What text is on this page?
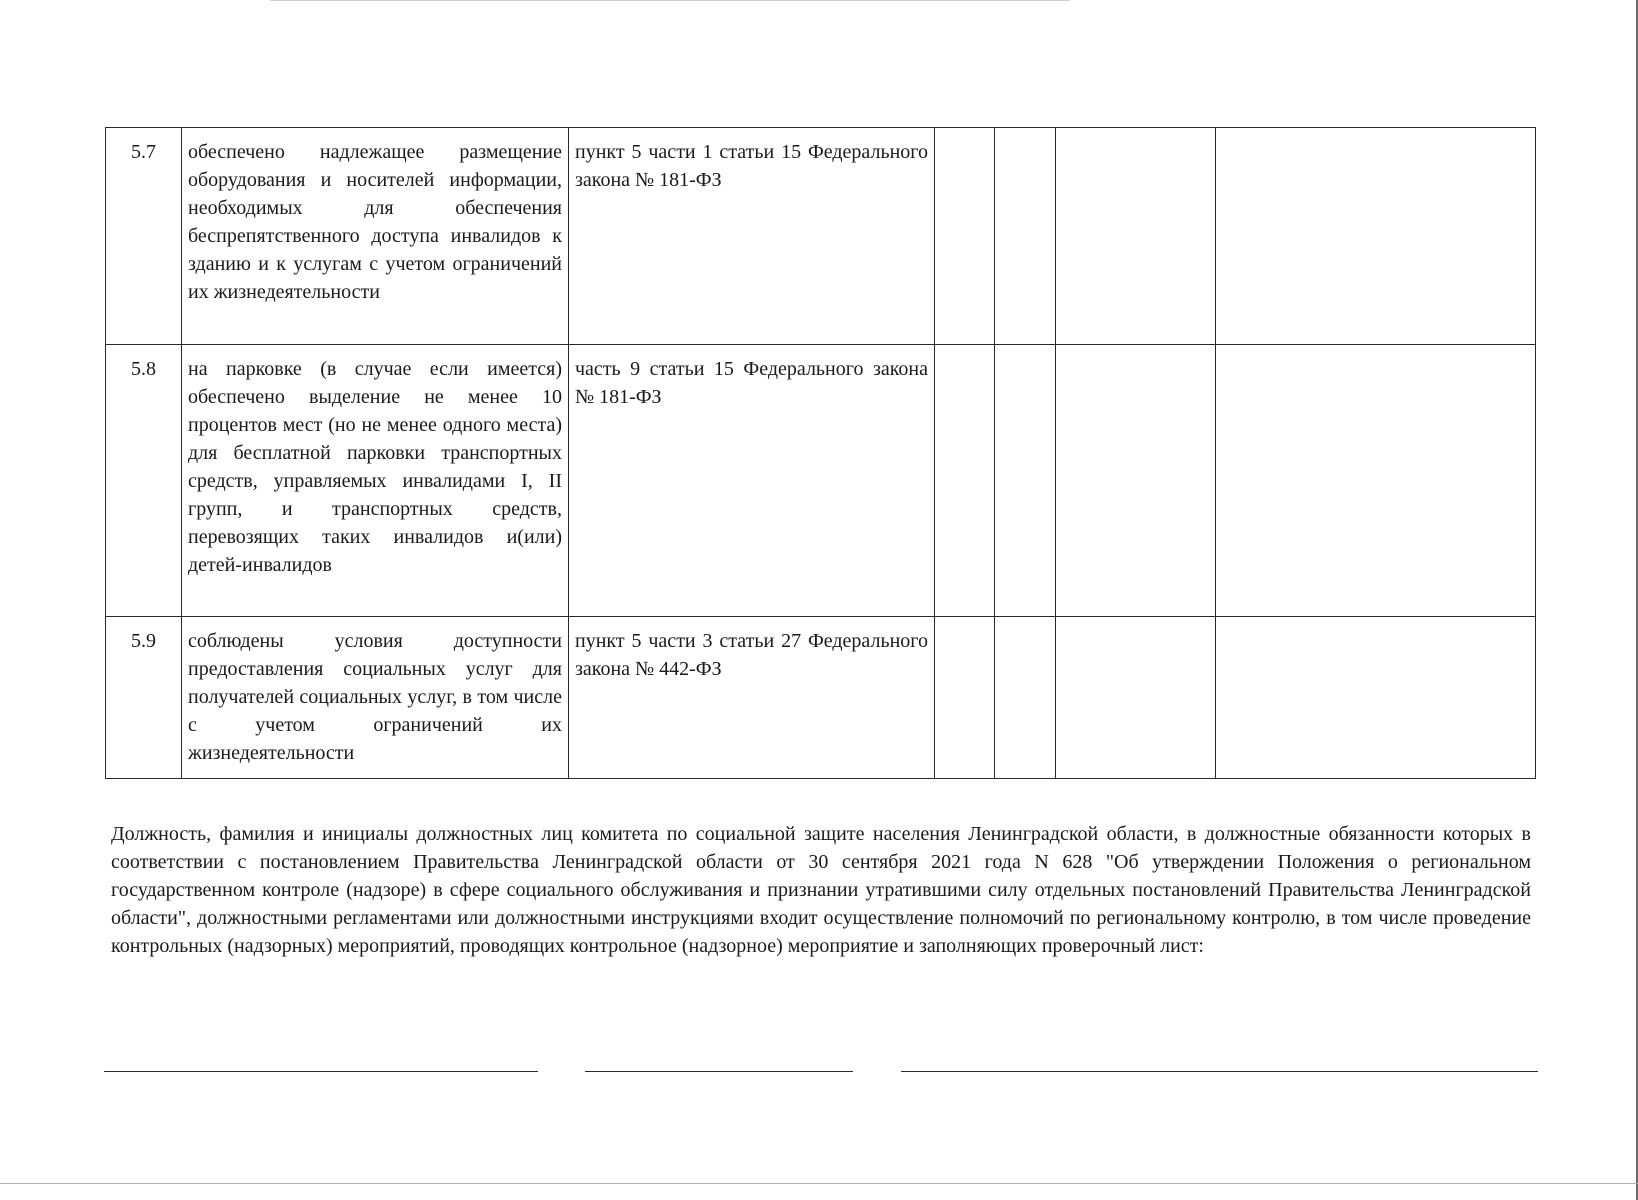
5.7	обеспечено надлежащее размещение оборудования и носителей информации, необходимых для обеспечения беспрепятственного доступа инвалидов к зданию и к услугам с учетом ограничений их жизнедеятельности	пункт 5 части 1 статьи 15 Федерального закона № 181-ФЗ				
5.8	на парковке (в случае если имеется) обеспечено выделение не менее 10 процентов мест (но не менее одного места) для бесплатной парковки транспортных средств, управляемых инвалидами I, II групп, и транспортных средств, перевозящих таких инвалидов и(или) детей-инвалидов	часть 9 статьи 15 Федерального закона № 181-ФЗ				
5.9	соблюдены условия доступности предоставления социальных услуг для получателей социальных услуг, в том числе с учетом ограничений их жизнедеятельности	пункт 5 части 3 статьи 27 Федерального закона № 442-ФЗ				

Должность, фамилия и инициалы должностных лиц комитета по социальной защите населения Ленинградской области, в должностные обязанности которых в соответствии с постановлением Правительства Ленинградской области от 30 сентября 2021 года N 628 "Об утверждении Положения о региональном государственном контроле (надзоре) в сфере социального обслуживания и признании утратившими силу отдельных постановлений Правительства Ленинградской области", должностными регламентами или должностными инструкциями входит осуществление полномочий по региональному контролю, в том числе проведение контрольных (надзорных) мероприятий, проводящих контрольное (надзорное) мероприятие и заполняющих проверочный лист:
